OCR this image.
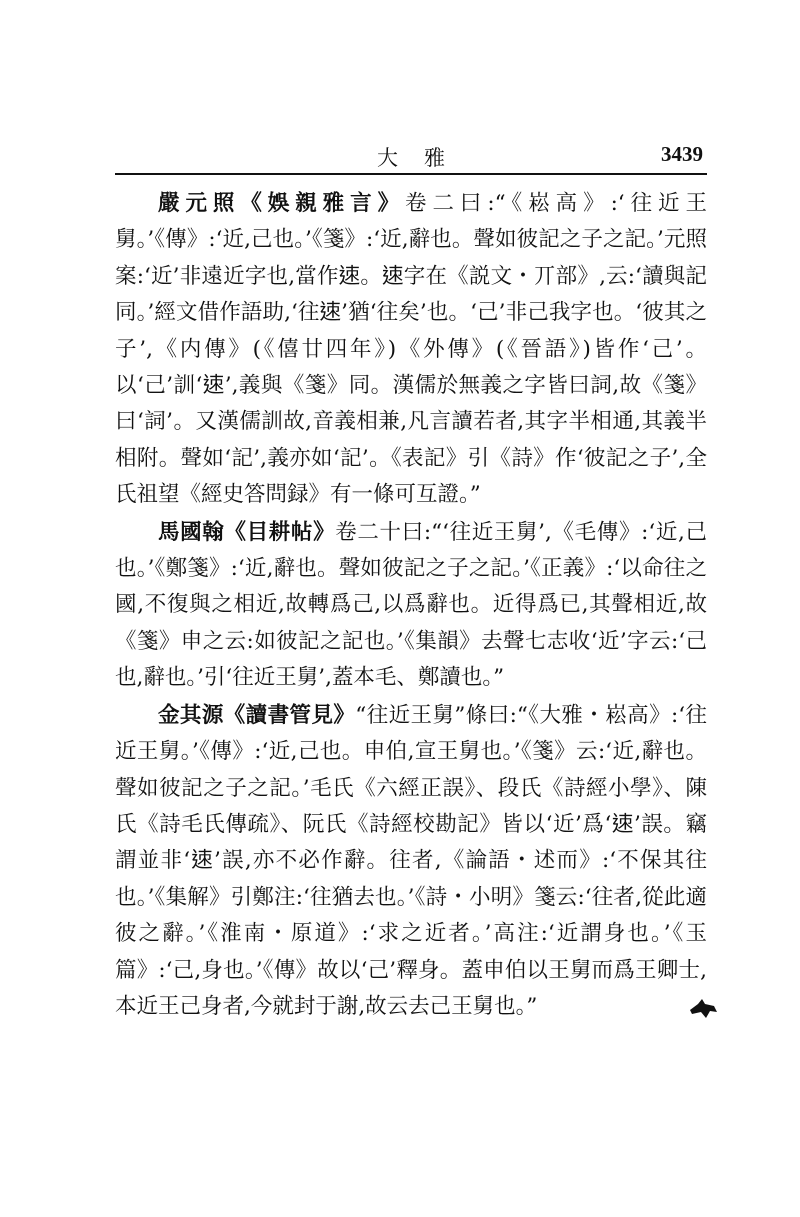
大雅	3439

嚴元照《娛親雅言》卷二曰:“《崧高》:‘往近王舅。’《傳》:‘近,己也。’《箋》:‘近,辭也。聲如彼記之子之記。’元照案:‘近’非遠近字也,當作𨒪。𨒪字在《説文・丌部》,云:‘讀與記同。’經文借作語助,‘往𨒪’猶‘往矣’也。‘己’非己我字也。‘彼其之子’,《内傳》(《僖廿四年》)《外傳》(《晉語》)皆作‘己’。以‘己’訓‘𨒪’,義與《箋》同。漢儒於無義之字皆曰詞,故《箋》曰‘詞’。又漢儒訓故,音義相兼,凡言讀若者,其字半相通,其義半相附。聲如‘記’,義亦如‘記’。《表記》引《詩》作‘彼記之子’,全氏祖望《經史答問録》有一條可互證。”

馬國翰《目耕帖》卷二十曰:“‘往近王舅’,《毛傳》:‘近,己也。’《鄭箋》:‘近,辭也。聲如彼記之子之記。’《正義》:‘以命往之國,不復與之相近,故轉爲己,以爲辭也。近得爲已,其聲相近,故《箋》申之云:如彼記之記也。’《集韻》去聲七志收‘近’字云:‘己也,辭也。’引‘往近王舅’,蓋本毛、鄭讀也。”

金其源《讀書管見》“往近王舅”條曰:“《大雅・崧高》:‘往近王舅。’《傳》:‘近,己也。申伯,宣王舅也。’《箋》云:‘近,辭也。聲如彼記之子之記。’毛氏《六經正誤》、段氏《詩經小學》、陳氏《詩毛氏傳疏》、阮氏《詩經校勘記》皆以‘近’爲‘𨒪’誤。竊謂並非‘𨒪’誤,亦不必作辭。往者,《論語・述而》:‘不保其往也。’《集解》引鄭注:‘往猶去也。’《詩・小明》箋云:‘往者,從此適彼之辭。’《淮南・原道》:‘求之近者。’高注:‘近謂身也。’《玉篇》:‘己,身也。’《傳》故以‘己’釋身。蓋申伯以王舅而爲王卿士,本近王己身者,今就封于謝,故云去己王舅也。”
